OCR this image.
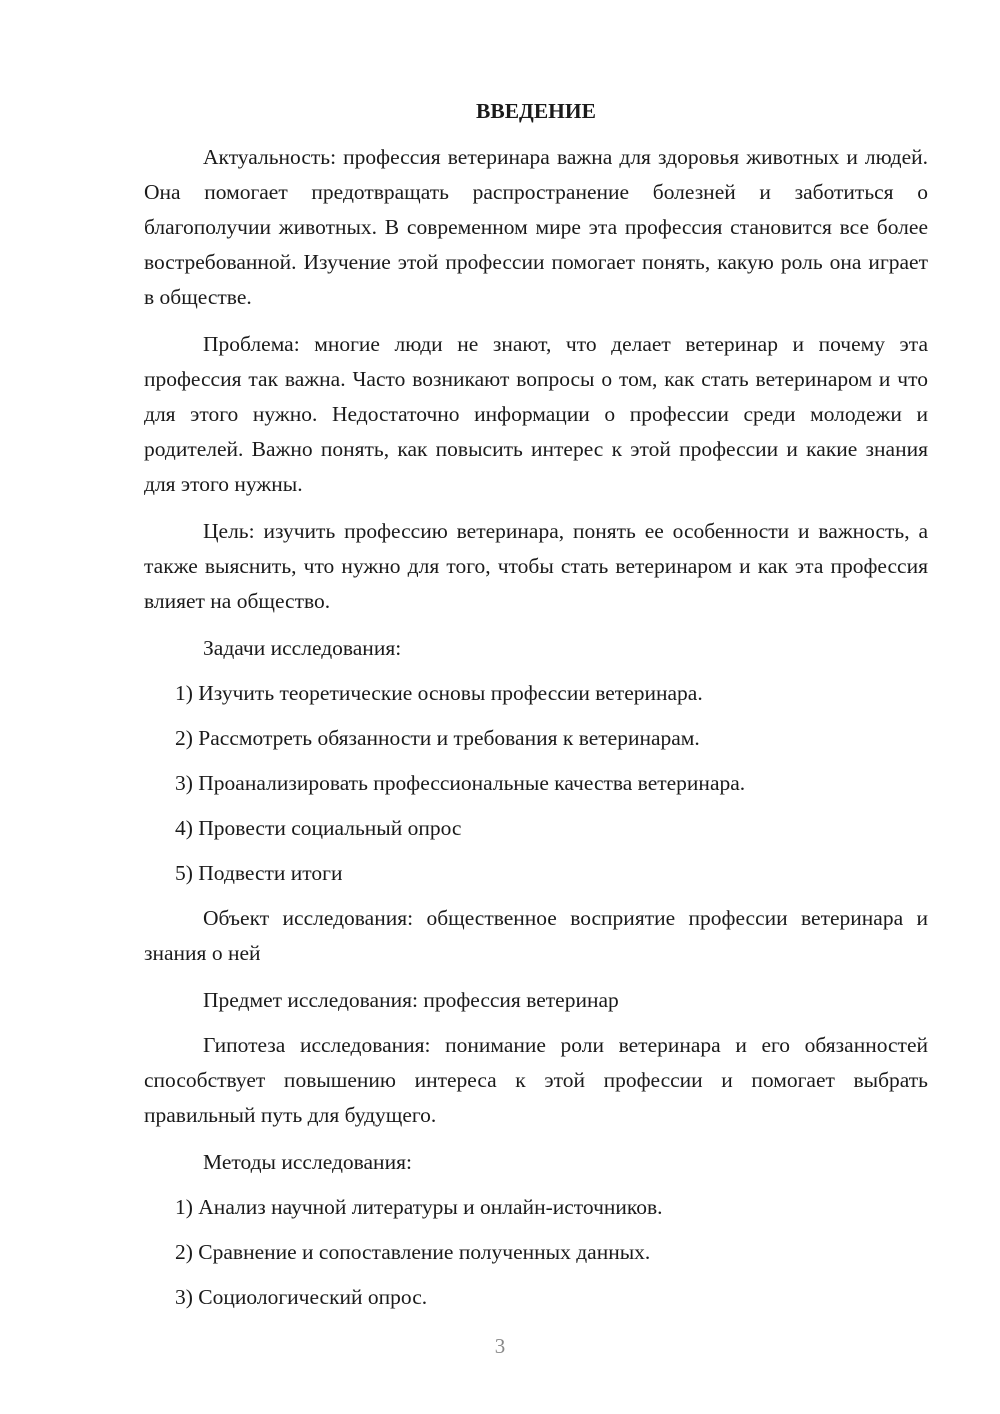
ВВЕДЕНИЕ

Актуальность: профессия ветеринара важна для здоровья животных и людей. Она помогает предотвращать распространение болезней и заботиться о благополучии животных. В современном мире эта профессия становится все более востребованной. Изучение этой профессии помогает понять, какую роль она играет в обществе.

Проблема: многие люди не знают, что делает ветеринар и почему эта профессия так важна. Часто возникают вопросы о том, как стать ветеринаром и что для этого нужно. Недостаточно информации о профессии среди молодежи и родителей. Важно понять, как повысить интерес к этой профессии и какие знания для этого нужны.

Цель: изучить профессию ветеринара, понять ее особенности и важность, а также выяснить, что нужно для того, чтобы стать ветеринаром и как эта профессия влияет на общество.

Задачи исследования:
1) Изучить теоретические основы профессии ветеринара.
2) Рассмотреть обязанности и требования к ветеринарам.
3) Проанализировать профессиональные качества ветеринара.
4) Провести социальный опрос
5) Подвести итоги

Объект исследования: общественное восприятие профессии ветеринара и знания о ней

Предмет исследования: профессия ветеринар

Гипотеза исследования: понимание роли ветеринара и его обязанностей способствует повышению интереса к этой профессии и помогает выбрать правильный путь для будущего.

Методы исследования:
1) Анализ научной литературы и онлайн-источников.
2) Сравнение и сопоставление полученных данных.
3) Социологический опрос.
3
